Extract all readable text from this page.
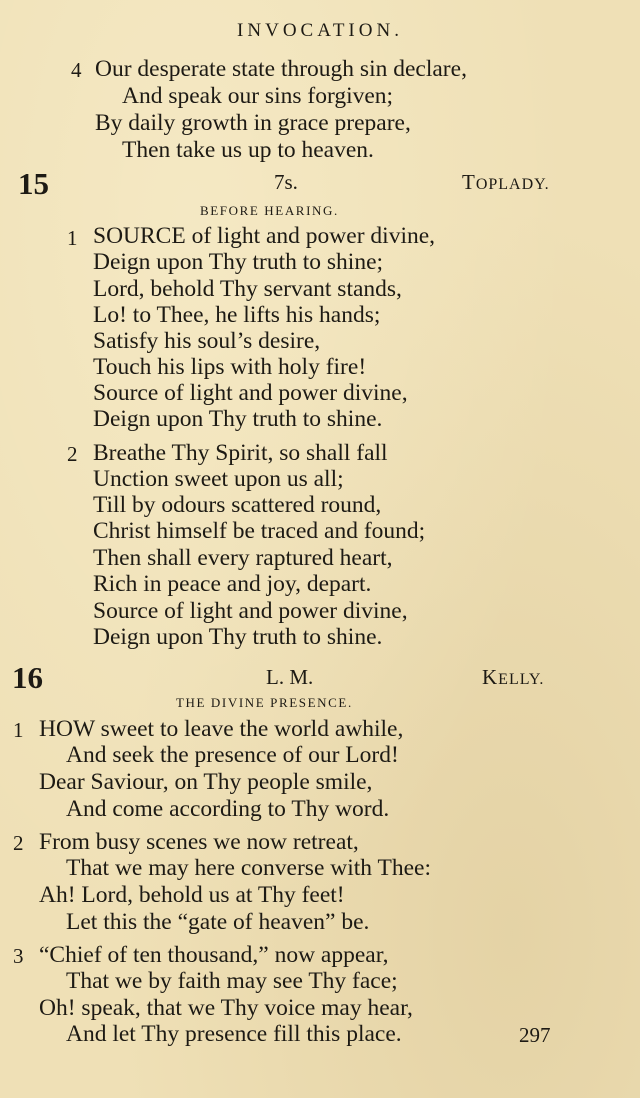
INVOCATION.
4 Our desperate state through sin declare,
And speak our sins forgiven;
By daily growth in grace prepare,
Then take us up to heaven.
15	7s.	TOPLADY.
BEFORE HEARING.
1 SOURCE of light and power divine,
Deign upon Thy truth to shine;
Lord, behold Thy servant stands,
Lo! to Thee, he lifts his hands;
Satisfy his soul’s desire,
Touch his lips with holy fire!
Source of light and power divine,
Deign upon Thy truth to shine.
2 Breathe Thy Spirit, so shall fall
Unction sweet upon us all;
Till by odours scattered round,
Christ himself be traced and found;
Then shall every raptured heart,
Rich in peace and joy, depart.
Source of light and power divine,
Deign upon Thy truth to shine.
16	L. M.	KELLY.
THE DIVINE PRESENCE.
1 HOW sweet to leave the world awhile,
And seek the presence of our Lord!
Dear Saviour, on Thy people smile,
And come according to Thy word.
2 From busy scenes we now retreat,
That we may here converse with Thee:
Ah! Lord, behold us at Thy feet!
Let this the “gate of heaven” be.
3 “Chief of ten thousand,” now appear,
That we by faith may see Thy face;
Oh! speak, that we Thy voice may hear,
And let Thy presence fill this place.	297
